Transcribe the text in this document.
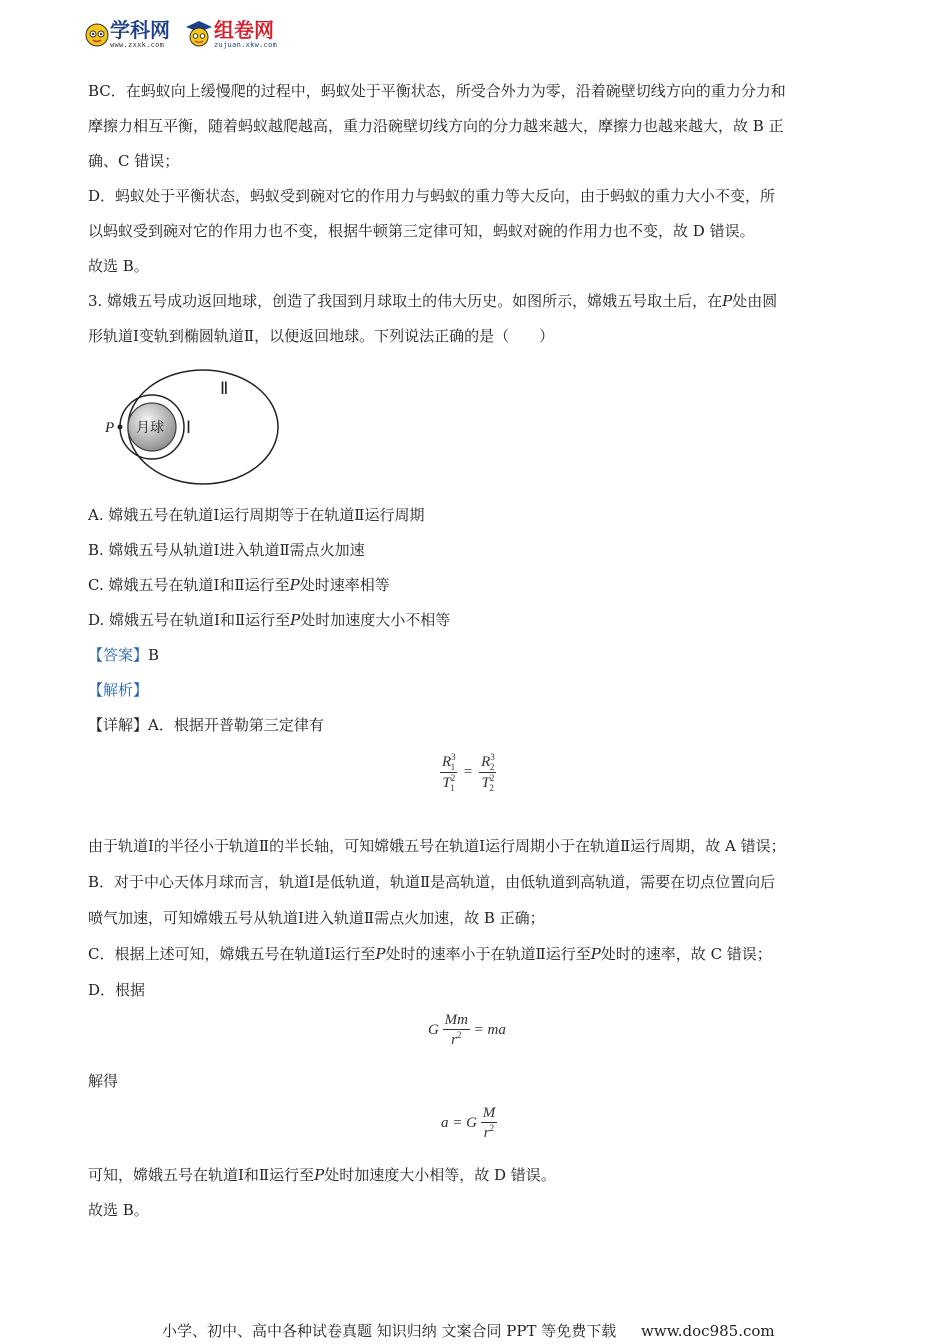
学科网
www.zxxk.com
组卷网
zujuan.xkw.com

BC．在蚂蚁向上缓慢爬的过程中，蚂蚁处于平衡状态，所受合外力为零，沿着碗壁切线方向的重力分力和

摩擦力相互平衡，随着蚂蚁越爬越高，重力沿碗壁切线方向的分力越来越大，摩擦力也越来越大，故 B 正

确、C 错误；

D．蚂蚁处于平衡状态，蚂蚁受到碗对它的作用力与蚂蚁的重力等大反向，由于蚂蚁的重力大小不变，所

以蚂蚁受到碗对它的作用力也不变，根据牛顿第三定律可知，蚂蚁对碗的作用力也不变，故 D 错误。

故选 B。

3. 嫦娥五号成功返回地球，创造了我国到月球取土的伟大历史。如图所示，嫦娥五号取土后，在P处由圆

形轨道Ⅰ变轨到椭圆轨道Ⅱ，以便返回地球。下列说法正确的是（　　）

P 月球 Ⅰ
Ⅱ

A. 嫦娥五号在轨道Ⅰ运行周期等于在轨道Ⅱ运行周期

B. 嫦娥五号从轨道Ⅰ进入轨道Ⅱ需点火加速

C. 嫦娥五号在轨道Ⅰ和Ⅱ运行至P处时速率相等

D. 嫦娥五号在轨道Ⅰ和Ⅱ运行至P处时加速度大小不相等

【答案】B

【解析】

【详解】A．根据开普勒第三定律有

$\frac{R^3_1}{T^2_1} = \frac{R^3_2}{T^2_2}$

由于轨道Ⅰ的半径小于轨道Ⅱ的半长轴，可知嫦娥五号在轨道Ⅰ运行周期小于在轨道Ⅱ运行周期，故 A 错误；

B．对于中心天体月球而言，轨道Ⅰ是低轨道，轨道Ⅱ是高轨道，由低轨道到高轨道，需要在切点位置向后

喷气加速，可知嫦娥五号从轨道Ⅰ进入轨道Ⅱ需点火加速，故 B 正确；

C．根据上述可知，嫦娥五号在轨道Ⅰ运行至P处时的速率小于在轨道Ⅱ运行至P处时的速率，故 C 错误；

D．根据

G $\frac{Mm}{r^2}$ = ma

解得

a = G $\frac{M}{r^2}$

可知，嫦娥五号在轨道Ⅰ和Ⅱ运行至P处时加速度大小相等，故 D 错误。

故选 B。

小学、初中、高中各种试卷真题 知识归纳 文案合同 PPT 等免费下载 www.doc985.com
